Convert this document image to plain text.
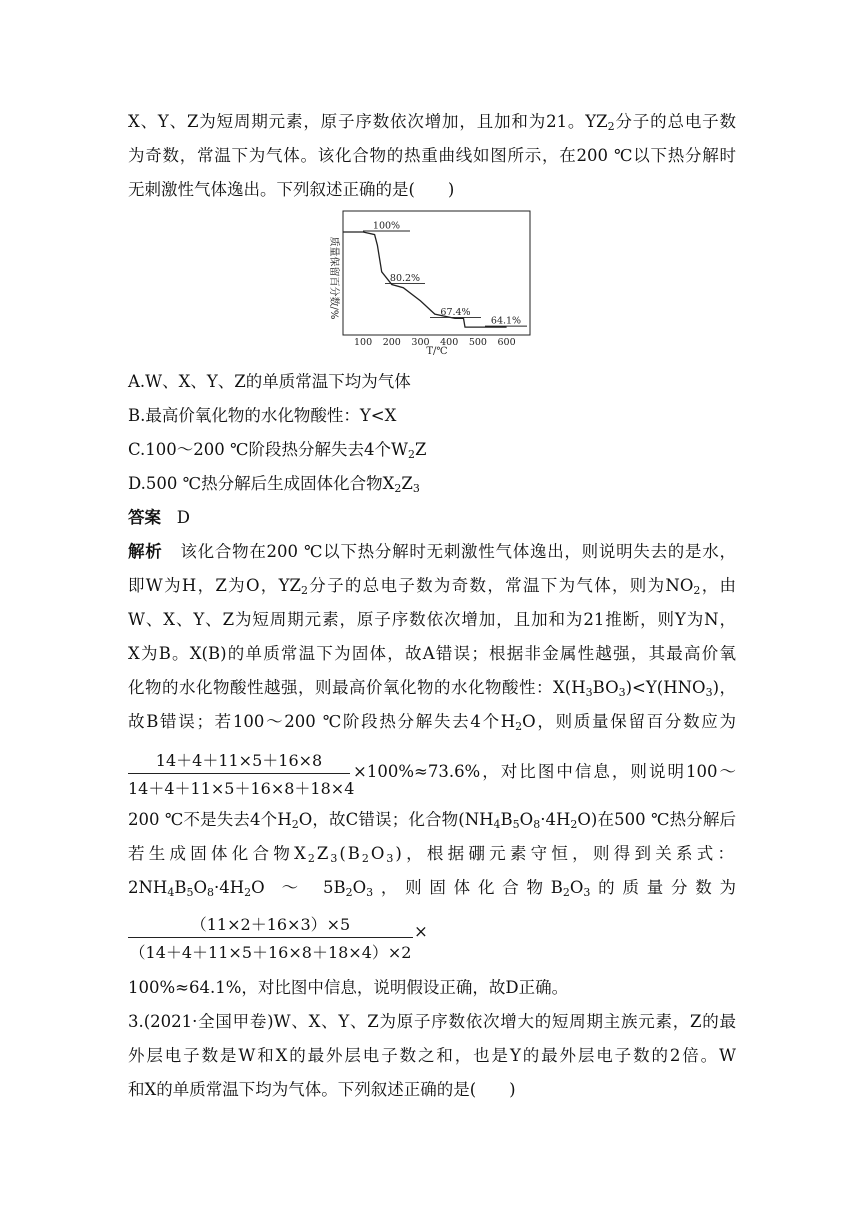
X、Y、Z为短周期元素，原子序数依次增加，且加和为21。$YZ_2$分子的总电子数
为奇数，常温下为气体。该化合物的热重曲线如图所示，在200 ℃以下热分解时
无刺激性气体逸出。下列叙述正确的是(　　)
质量保留百分数/%
100 200 300 400 500 600
100%
80.2%
67.4%
64.1%
T/℃
A.W、X、Y、Z的单质常温下均为气体
B.最高价氧化物的水化物酸性：Y<X
C.100～200 ℃阶段热分解失去4个$W_2Z$
D.500 ℃热分解后生成固体化合物$X_2Z_3$
答案 D
解析 该化合物在200 ℃以下热分解时无刺激性气体逸出，则说明失去的是水，
即W为H，Z为O，$YZ_2$分子的总电子数为奇数，常温下为气体，则为$NO_2$，由
W、X、Y、Z为短周期元素，原子序数依次增加，且加和为21推断，则Y为N，
X为B。X(B)的单质常温下为固体，故A错误；根据非金属性越强，其最高价氧
化物的水化物酸性越强，则最高价氧化物的水化物酸性：$X(H_3BO_3)<Y(HNO_3)$，
故B错误；若100～200 ℃阶段热分解失去4个$H_2O$，则质量保留百分数应为
$\frac{14+4+11\times 5+16\times 8}{14+4+11\times 5+16\times 8+18\times 4} \times 100\%\approx 73.6\%$，对比图中信息，则说明100～
200 ℃不是失去4个$H_2O$，故C错误；化合物$(NH_4B_5O_8\cdot 4H_2O)$在500 ℃热分解后
若生成固体化合物$X_2Z_3(B_2O_3)$，根据硼元素守恒，则得到关系式：
$2NH_4B_5O_8\cdot 4H_2O$ ～ $5B_2O_3$，则固体化合物$B_2O_3$的质量分数为
$\frac{(11\times 2+16\times 3)\times 5}{(14+4+11\times 5+16\times 8+18\times 4)\times 2}$ ×
100%≈64.1%，对比图中信息，说明假设正确，故D正确。
3.(2021·全国甲卷)W、X、Y、Z为原子序数依次增大的短周期主族元素，Z的最
外层电子数是W和X的最外层电子数之和，也是Y的最外层电子数的2倍。W
和X的单质常温下均为气体。下列叙述正确的是(　　)
